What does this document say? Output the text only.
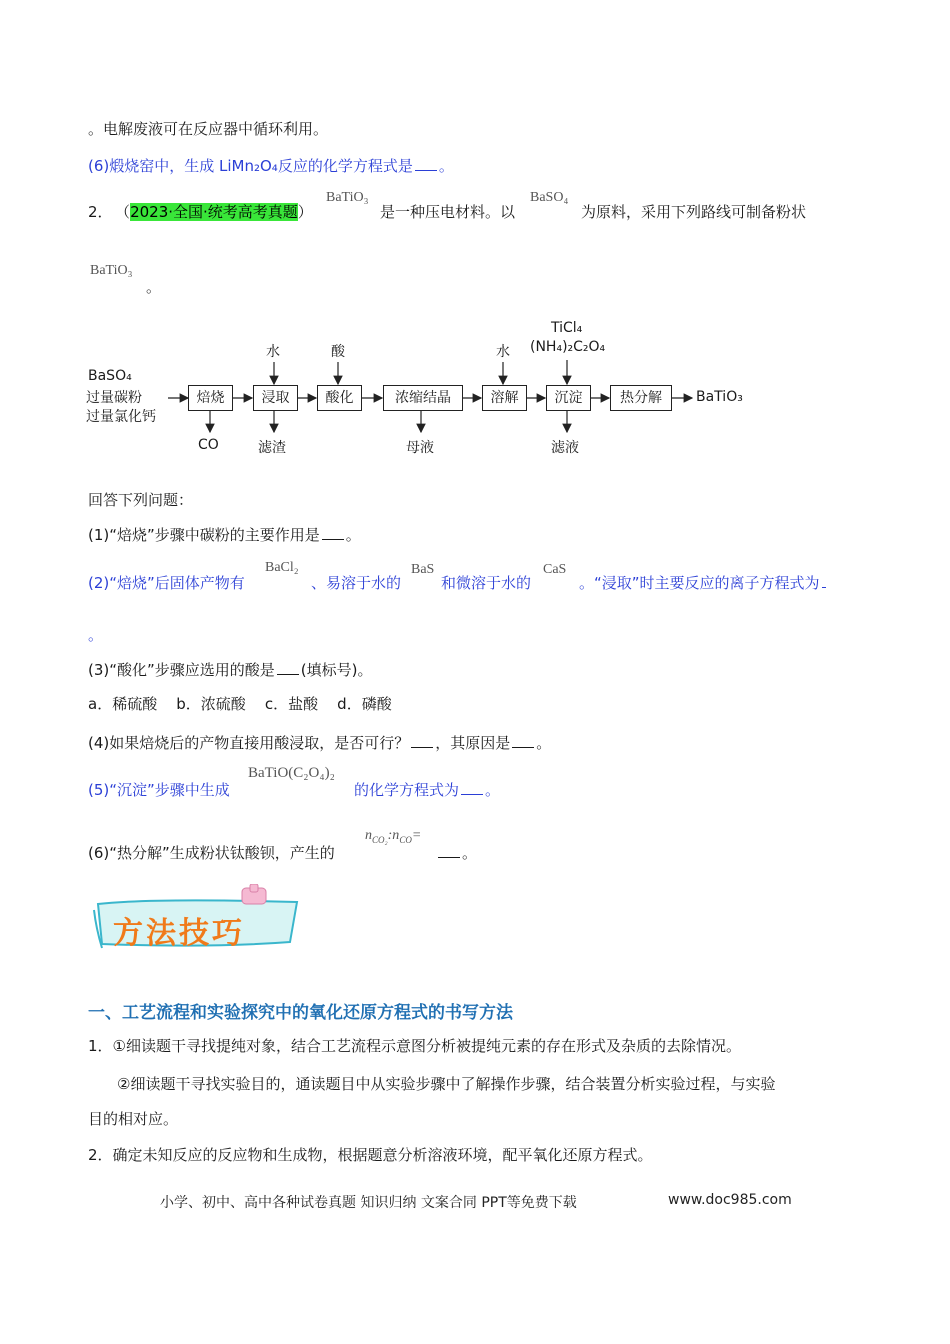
。电解废液可在反应器中循环利用。
(6)煅烧窑中，生成 LiMn₂O₄反应的化学方程式是 。
2． （2023·全国·统考高考真题）
BaTiO₃
是一种压电材料。以
BaSO₄
为原料，采用下列路线可制备粉状
BaTiO₃
。
BaSO₄
过量碳粉
过量氯化钙
焙烧	浸取	酸化	浓缩结晶	溶解	沉淀	热分解	BaTiO₃
水	酸	水
TiCl₄
(NH₄)₂C₂O₄
CO	滤渣	母液	滤液
回答下列问题：
(1)“焙烧”步骤中碳粉的主要作用是 。
(2)“焙烧”后固体产物有
BaCl₂
、易溶于水的
BaS
和微溶于水的
CaS
。“浸取”时主要反应的离子方程式为
。
(3)“酸化”步骤应选用的酸是 (填标号)。
a．稀硫酸    b．浓硫酸    c．盐酸    d．磷酸
(4)如果焙烧后的产物直接用酸浸取，是否可行？ ，其原因是 。
(5)“沉淀”步骤中生成
BaTiO(C₂O₄)₂
的化学方程式为 。
(6)“热分解”生成粉状钛酸钡，产生的
$n_{CO_2}:n_{CO}=$
。
方法技巧
一、工艺流程和实验探究中的氧化还原方程式的书写方法
1．①细读题干寻找提纯对象，结合工艺流程示意图分析被提纯元素的存在形式及杂质的去除情况。
②细读题干寻找实验目的，通读题目中从实验步骤中了解操作步骤，结合装置分析实验过程，与实验
目的相对应。
2．确定未知反应的反应物和生成物，根据题意分析溶液环境，配平氧化还原方程式。
小学、初中、高中各种试卷真题 知识归纳 文案合同 PPT等免费下载	www.doc985.com
